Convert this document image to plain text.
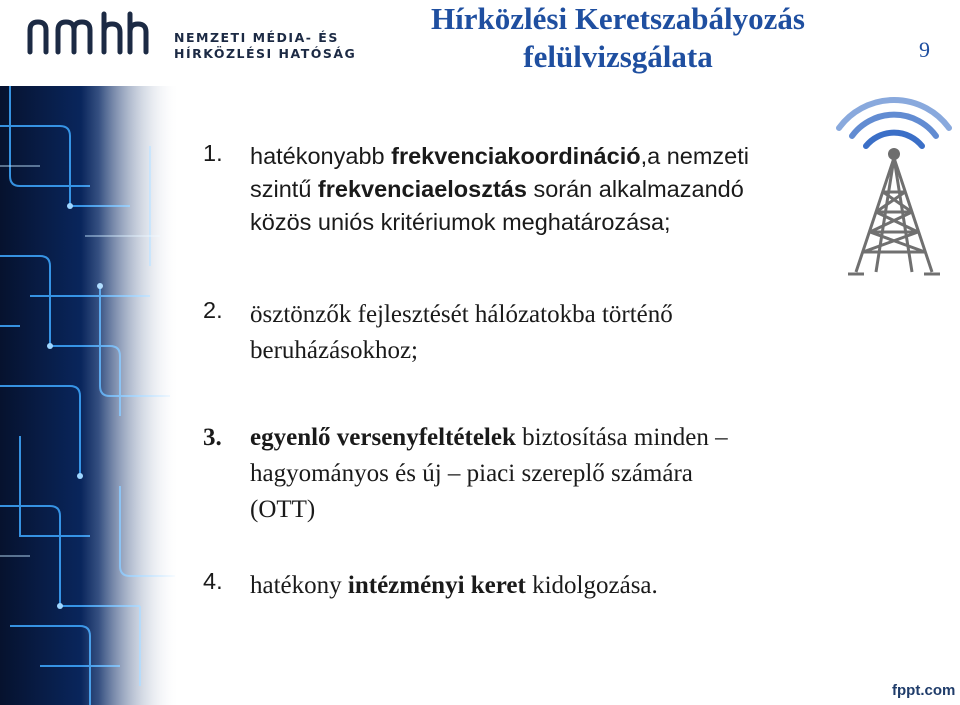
NEMZETI MÉDIA- ÉS
HÍRKÖZLÉSI HATÓSÁG
Hírközlési Keretszabályozás
felülvizsgálata	9
1. hatékonyabb frekvenciakoordináció,a nemzeti
szintű frekvenciaelosztás során alkalmazandó
közös uniós kritériumok meghatározása;
2. ösztönzők fejlesztését hálózatokba történő
beruházásokhoz;
3. egyenlő versenyfeltételek biztosítása minden –
hagyományos és új – piaci szereplő számára
(OTT)
4. hatékony intézményi keret kidolgozása.
fppt.com
